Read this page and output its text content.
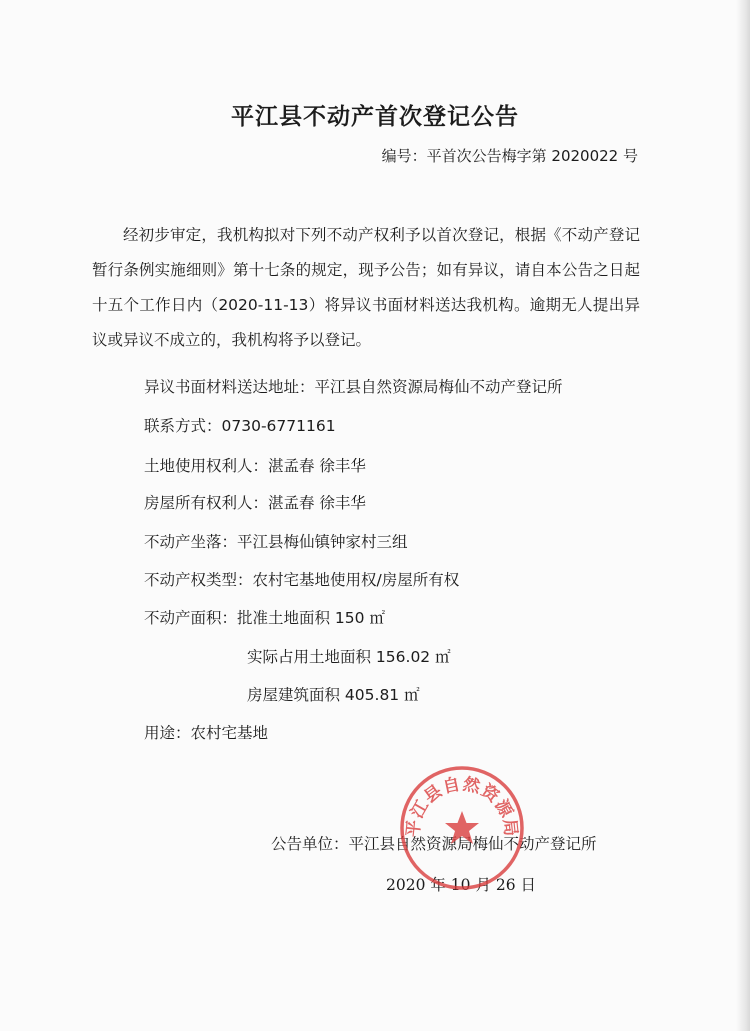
平江县不动产首次登记公告
编号：平首次公告梅字第 2020022 号
经初步审定，我机构拟对下列不动产权利予以首次登记，根据《不动产登记暂行条例实施细则》第十七条的规定，现予公告；如有异议，请自本公告之日起十五个工作日内（2020-11-13）将异议书面材料送达我机构。逾期无人提出异议或异议不成立的，我机构将予以登记。
异议书面材料送达地址：平江县自然资源局梅仙不动产登记所
联系方式：0730-6771161
土地使用权利人：湛孟春 徐丰华
房屋所有权利人：湛孟春 徐丰华
不动产坐落：平江县梅仙镇钟家村三组
不动产权类型：农村宅基地使用权/房屋所有权
不动产面积：批准土地面积 150 ㎡
实际占用土地面积 156.02 ㎡
房屋建筑面积 405.81 ㎡
用途：农村宅基地
公告单位：平江县自然资源局梅仙不动产登记所
2020 年 10 月 26 日
平江县自然资源局
